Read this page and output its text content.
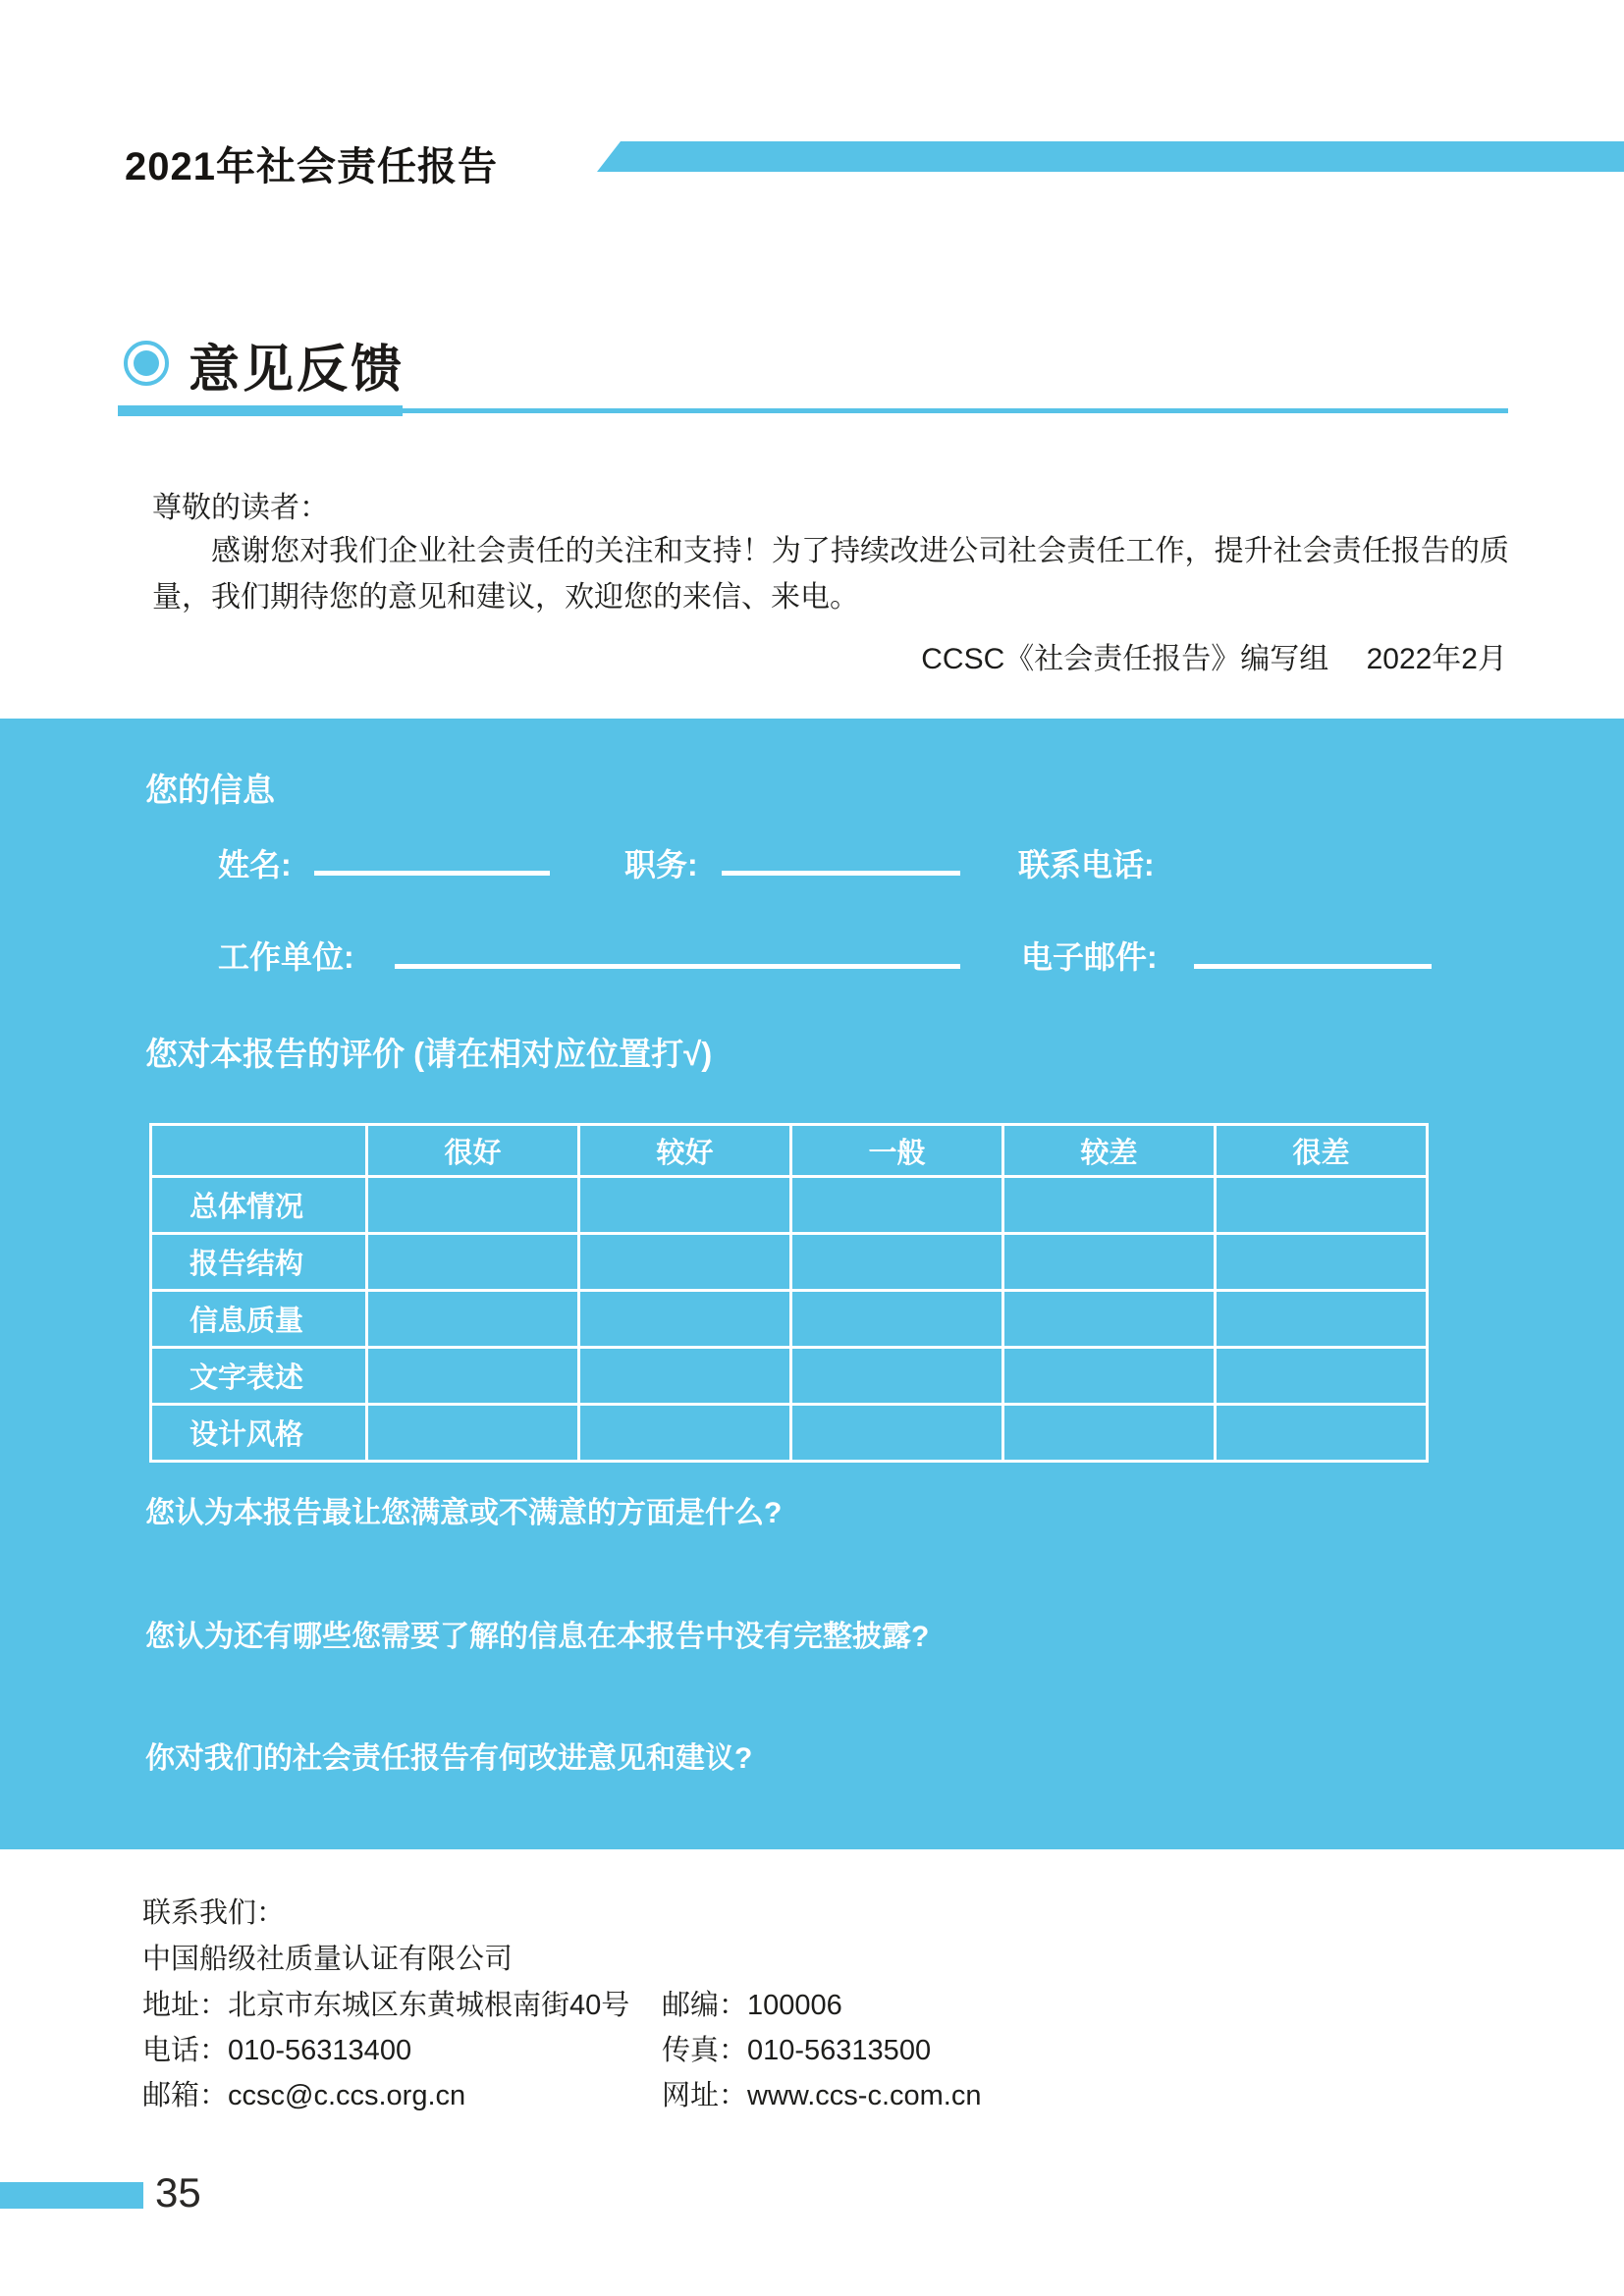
2021年社会责任报告
意见反馈
尊敬的读者：
感谢您对我们企业社会责任的关注和支持！为了持续改进公司社会责任工作，提升社会责任报告的质量，我们期待您的意见和建议，欢迎您的来信、来电。
CCSC《社会责任报告》编写组　 2022年2月
您的信息
姓名:	职务:	联系电话:
工作单位:	电子邮件:
您对本报告的评价 (请在相对应位置打√)
	很好	较好	一般	较差	很差
总体情况					
报告结构					
信息质量					
文字表述					
设计风格					
您认为本报告最让您满意或不满意的方面是什么?
您认为还有哪些您需要了解的信息在本报告中没有完整披露?
你对我们的社会责任报告有何改进意见和建议?
联系我们：
中国船级社质量认证有限公司
地址：北京市东城区东黄城根南街40号 邮编：100006
电话：010-56313400	传真：010-56313500
邮箱：ccsc@c.ccs.org.cn	网址：www.ccs-c.com.cn
35
